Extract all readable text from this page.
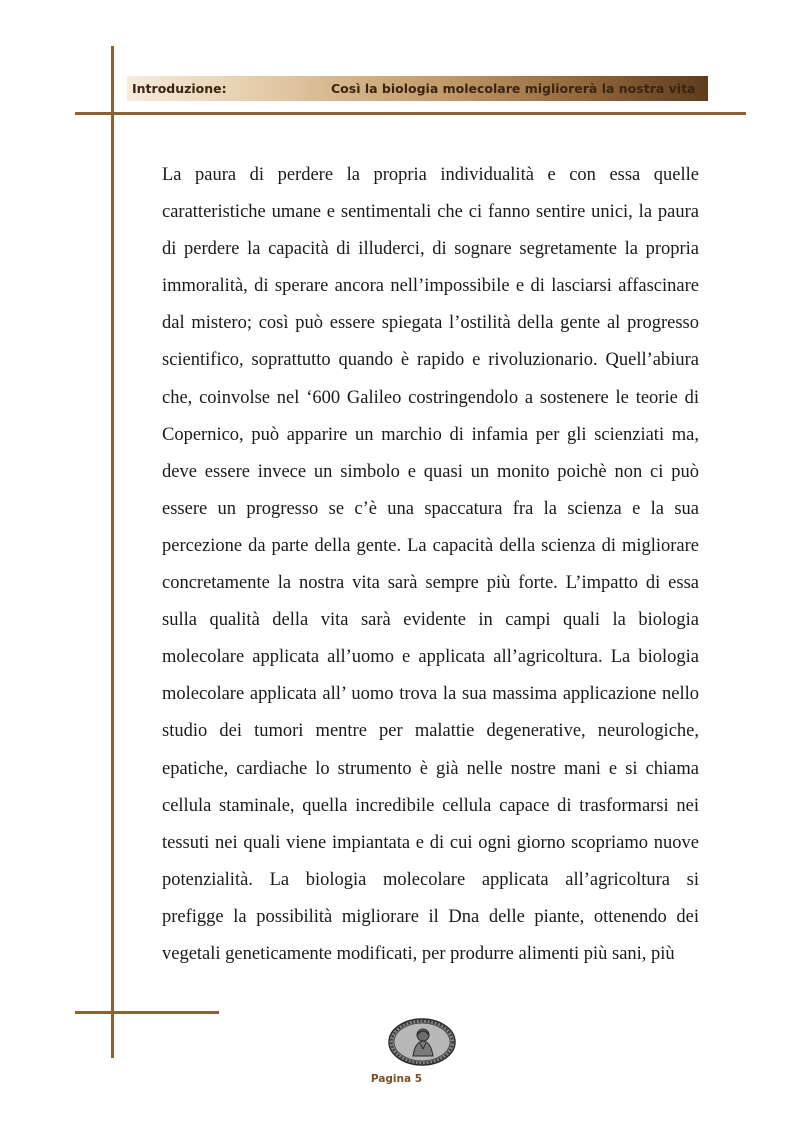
Introduzione:	Così la biologia molecolare migliorerà la nostra vita
La paura di perdere la propria individualità e con essa quelle
caratteristiche umane e sentimentali che ci fanno sentire unici, la paura
di perdere la capacità di illuderci, di sognare segretamente la propria
immoralità, di sperare ancora nell’impossibile e di lasciarsi affascinare
dal mistero; così può essere spiegata l’ostilità della gente al progresso
scientifico, soprattutto quando è rapido e rivoluzionario. Quell’abiura
che, coinvolse nel ‘600 Galileo costringendolo a sostenere le teorie di
Copernico, può apparire un marchio di infamia per gli scienziati ma,
deve essere invece un simbolo e quasi un monito poichè non ci può
essere un progresso se c’è una spaccatura fra la scienza e la sua
percezione da parte della gente. La capacità della scienza di migliorare
concretamente la nostra vita sarà sempre più forte. L’impatto di essa
sulla qualità della vita sarà evidente in campi quali la biologia
molecolare applicata all’uomo e applicata all’agricoltura. La biologia
molecolare applicata all’ uomo trova la sua massima applicazione nello
studio dei tumori mentre per malattie degenerative, neurologiche,
epatiche, cardiache lo strumento è già nelle nostre mani e si chiama
cellula staminale, quella incredibile cellula capace di trasformarsi nei
tessuti nei quali viene impiantata e di cui ogni giorno scopriamo nuove
potenzialità. La biologia molecolare applicata all’agricoltura si
prefigge la possibilità migliorare il Dna delle piante, ottenendo dei
vegetali geneticamente modificati, per produrre alimenti più sani, più
Pagina 5
